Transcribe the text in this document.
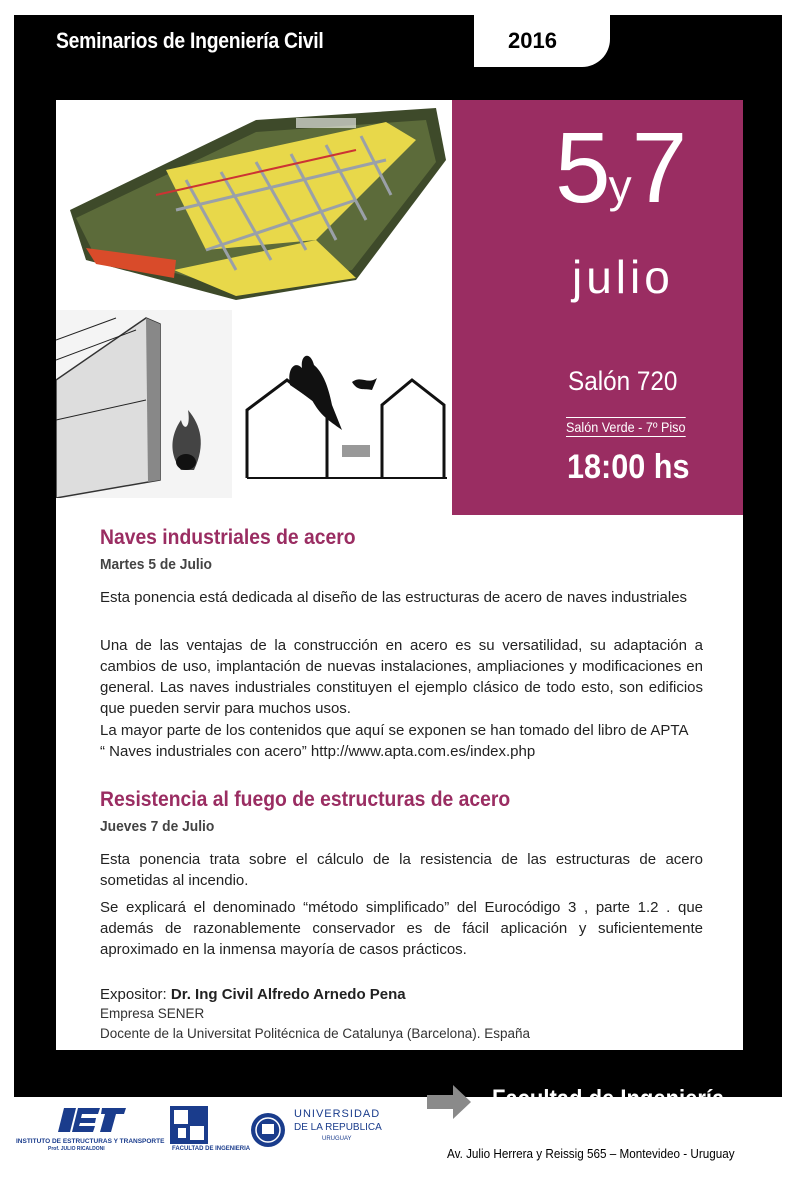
Seminarios de Ingeniería Civil	2016
5y7
julio
Salón 720
Salón Verde - 7º Piso
18:00 hs
Naves industriales de acero
Martes 5 de Julio
Esta ponencia está dedicada al diseño de las estructuras de acero de naves industriales
Una de las ventajas de la construcción en acero es su versatilidad, su adaptación a cambios de uso, implantación de nuevas instalaciones, ampliaciones y modificaciones en general. Las naves industriales constituyen el ejemplo clásico de todo esto, son edificios que pueden servir para muchos usos.
La mayor parte de los contenidos que aquí se exponen se han tomado del libro de APTA
“ Naves industriales con acero” http://www.apta.com.es/index.php
Resistencia al fuego de estructuras de acero
Jueves 7 de Julio
Esta ponencia trata sobre el cálculo de la resistencia de las estructuras de acero sometidas al incendio.
Se explicará el denominado “método simplificado” del Eurocódigo 3 , parte 1.2 . que además de razonablemente conservador es de fácil aplicación y suficientemente aproximado en la inmensa mayoría de casos prácticos.
Expositor: Dr. Ing Civil Alfredo Arnedo Pena
Empresa SENER
Docente de la Universitat Politécnica de Catalunya (Barcelona). España
Facultad de Ingeniería
Av. Julio Herrera y Reissig 565 – Montevideo - Uruguay
INSTITUTO DE ESTRUCTURAS Y TRANSPORTE
Prof. JULIO RICALDONI	FACULTAD DE INGENIERIA
UNIVERSIDAD
DE LA REPUBLICA
URUGUAY
